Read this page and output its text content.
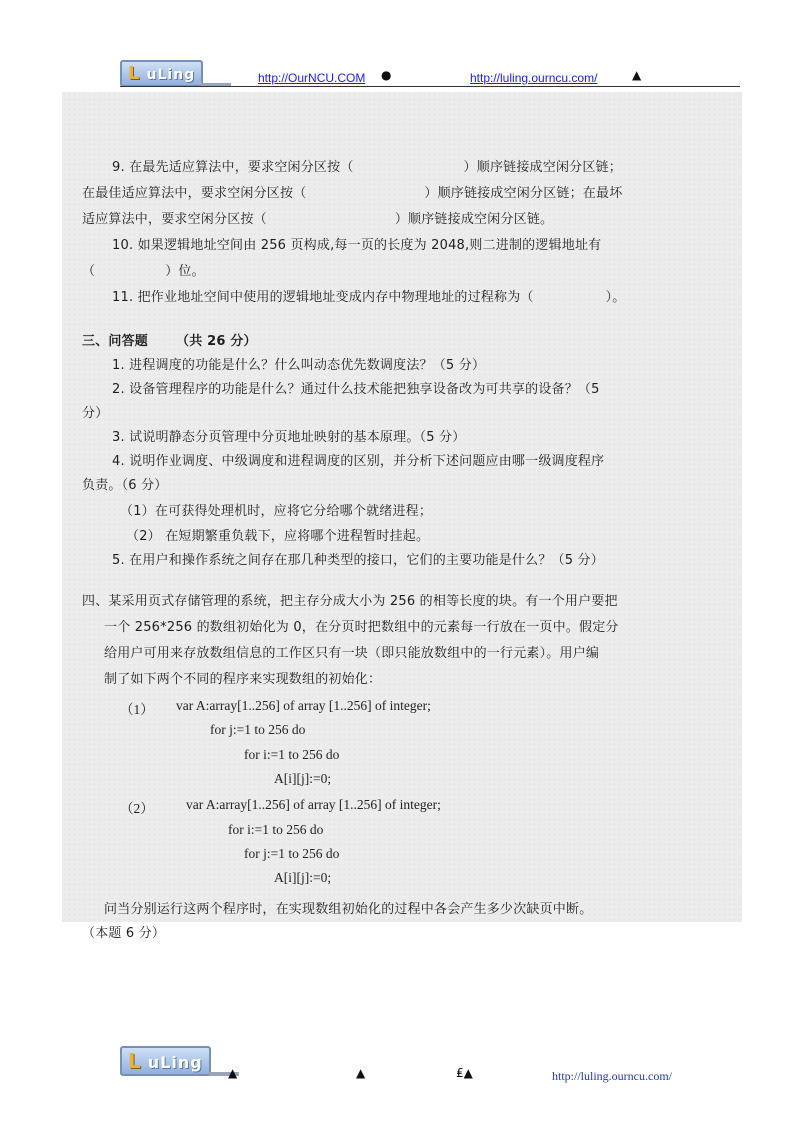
L uLing	http://OurNCU.COM ●	http://luling.ourncu.com/	▲
9. 在最先适应算法中，要求空闲分区按（	）顺序链接成空闲分区链；
在最佳适应算法中，要求空闲分区按（	）顺序链接成空闲分区链；在最坏
适应算法中，要求空闲分区按（	）顺序链接成空闲分区链。
10. 如果逻辑地址空间由 256 页构成,每一页的长度为 2048,则二进制的逻辑地址有
（	）位。
11. 把作业地址空间中使用的逻辑地址变成内存中物理地址的过程称为（	）。
三、问答题 （共 26 分）
1. 进程调度的功能是什么？什么叫动态优先数调度法？（5 分）
2. 设备管理程序的功能是什么？通过什么技术能把独享设备改为可共享的设备？（5
分）
3. 试说明静态分页管理中分页地址映射的基本原理。（5 分）
4. 说明作业调度、中级调度和进程调度的区别，并分析下述问题应由哪一级调度程序
负责。（6 分）
（1）在可获得处理机时，应将它分给哪个就绪进程；
（2） 在短期繁重负载下，应将哪个进程暂时挂起。
5. 在用户和操作系统之间存在那几种类型的接口，它们的主要功能是什么？（5 分）
四、某采用页式存储管理的系统，把主存分成大小为 256 的相等长度的块。有一个用户要把
一个 256*256 的数组初始化为 0，在分页时把数组中的元素每一行放在一页中。假定分
给用户可用来存放数组信息的工作区只有一块（即只能放数组中的一行元素）。用户编
制了如下两个不同的程序来实现数组的初始化：
（1） var A:array[1..256] of array [1..256] of integer;
for j:=1 to 256 do
for i:=1 to 256 do
A[i][j]:=0;
（2） var A:array[1..256] of array [1..256] of integer;
for i:=1 to 256 do
for j:=1 to 256 do
A[i][j]:=0;
问当分别运行这两个程序时，在实现数组初始化的过程中各会产生多少次缺页中断。
（本题 6 分）
L uLing
▲	▲	₤▲	http://luling.ourncu.com/
